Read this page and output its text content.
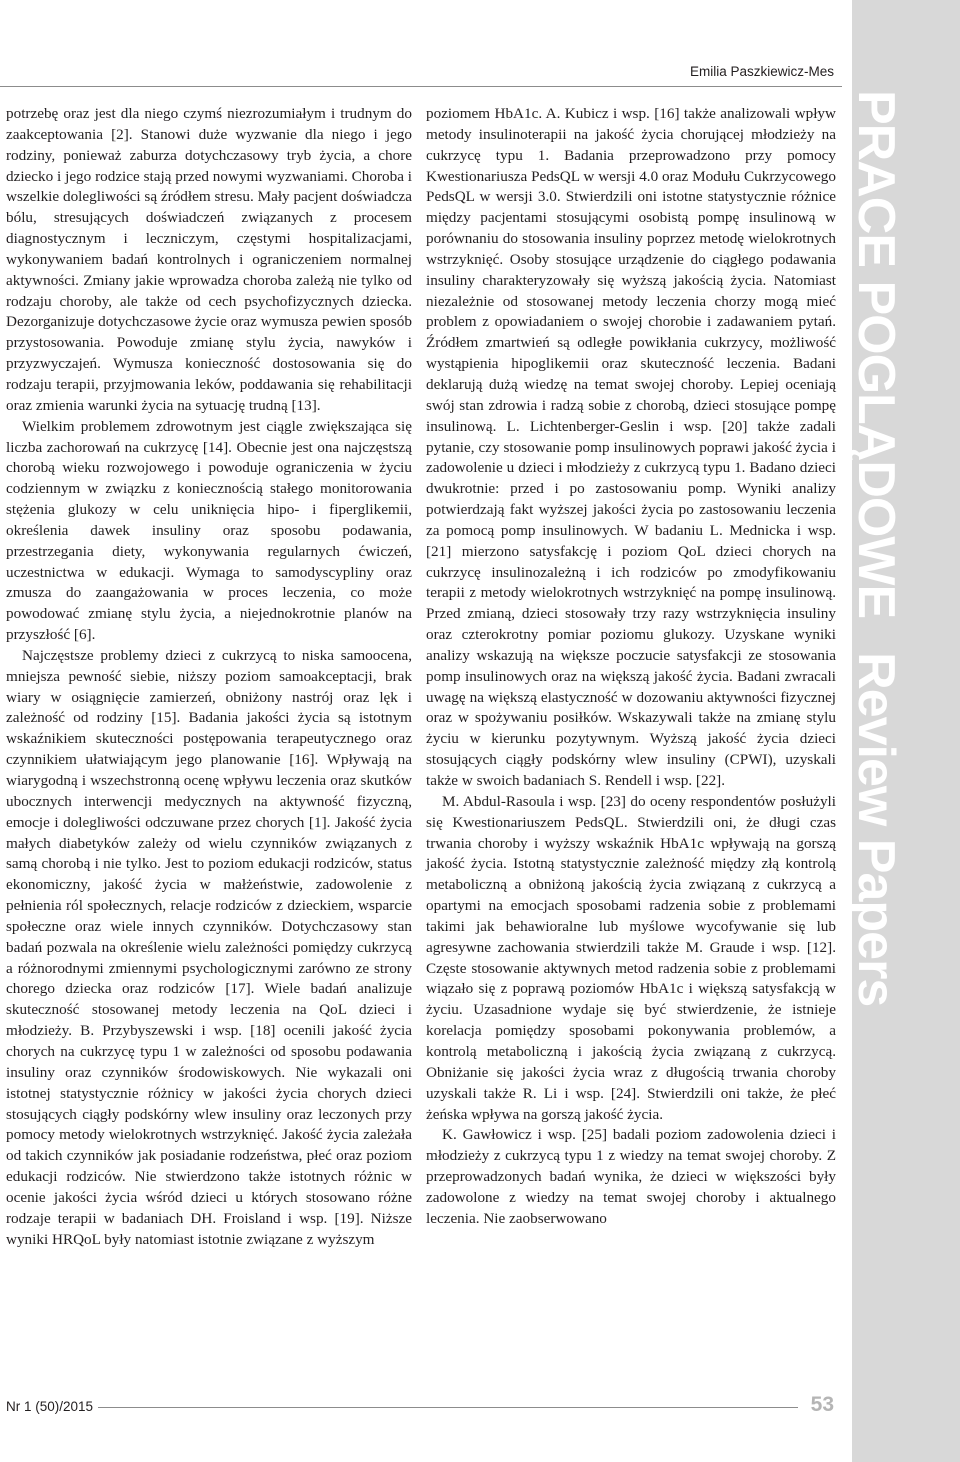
Emilia Paszkiewicz-Mes

potrzebę oraz jest dla niego czymś niezrozumiałym i trudnym do zaakceptowania [2]. Stanowi duże wyzwanie dla niego i jego rodziny, ponieważ zaburza dotychczasowy tryb życia, a chore dziecko i jego rodzice stają przed nowymi wyzwaniami. Choroba i wszelkie dolegliwości są źródłem stresu. Mały pacjent doświadcza bólu, stresujących doświadczeń związanych z procesem diagnostycznym i leczniczym, częstymi hospitalizacjami, wykonywaniem badań kontrolnych i ograniczeniem normalnej aktywności. Zmiany jakie wprowadza choroba zależą nie tylko od rodzaju choroby, ale także od cech psychofizycznych dziecka. Dezorganizuje dotychczasowe życie oraz wymusza pewien sposób przystosowania. Powoduje zmianę stylu życia, nawyków i przyzwyczajeń. Wymusza konieczność dostosowania się do rodzaju terapii, przyjmowania leków, poddawania się rehabilitacji oraz zmienia warunki życia na sytuację trudną [13].

Wielkim problemem zdrowotnym jest ciągle zwiększająca się liczba zachorowań na cukrzycę [14]. Obecnie jest ona najczęstszą chorobą wieku rozwojowego i powoduje ograniczenia w życiu codziennym w związku z koniecznością stałego monitorowania stężenia glukozy w celu uniknięcia hipo- i fiperglikemii, określenia dawek insuliny oraz sposobu podawania, przestrzegania diety, wykonywania regularnych ćwiczeń, uczestnictwa w edukacji. Wymaga to samodyscypliny oraz zmusza do zaangażowania w proces leczenia, co może powodować zmianę stylu życia, a niejednokrotnie planów na przyszłość [6].

Najczęstsze problemy dzieci z cukrzycą to niska samoocena, mniejsza pewność siebie, niższy poziom samoakceptacji, brak wiary w osiągnięcie zamierzeń, obniżony nastrój oraz lęk i zależność od rodziny [15]. Badania jakości życia są istotnym wskaźnikiem skuteczności postępowania terapeutycznego oraz czynnikiem ułatwiającym jego planowanie [16]. Wpływają na wiarygodną i wszechstronną ocenę wpływu leczenia oraz skutków ubocznych interwencji medycznych na aktywność fizyczną, emocje i dolegliwości odczuwane przez chorych [1]. Jakość życia małych diabetyków zależy od wielu czynników związanych z samą chorobą i nie tylko. Jest to poziom edukacji rodziców, status ekonomiczny, jakość życia w małżeństwie, zadowolenie z pełnienia ról społecznych, relacje rodziców z dzieckiem, wsparcie społeczne oraz wiele innych czynników. Dotychczasowy stan badań pozwala na określenie wielu zależności pomiędzy cukrzycą a różnorodnymi zmiennymi psychologicznymi zarówno ze strony chorego dziecka oraz rodziców [17]. Wiele badań analizuje skuteczność stosowanej metody leczenia na QoL dzieci i młodzieży. B. Przybyszewski i wsp. [18] ocenili jakość życia chorych na cukrzycę typu 1 w zależności od sposobu podawania insuliny oraz czynników środowiskowych. Nie wykazali oni istotnej statystycznie różnicy w jakości życia chorych dzieci stosujących ciągły podskórny wlew insuliny oraz leczonych przy pomocy metody wielokrotnych wstrzyknięć. Jakość życia zależała od takich czynników jak posiadanie rodzeństwa, płeć oraz poziom edukacji rodziców. Nie stwierdzono także istotnych różnic w ocenie jakości życia wśród dzieci u których stosowano różne rodzaje terapii w badaniach DH. Froisland i wsp. [19]. Niższe wyniki HRQoL były natomiast istotnie związane z wyższym

poziomem HbA1c. A. Kubicz i wsp. [16] także analizowali wpływ metody insulinoterapii na jakość życia chorującej młodzieży na cukrzycę typu 1. Badania przeprowadzono przy pomocy Kwestionariusza PedsQL w wersji 4.0 oraz Modułu Cukrzycowego PedsQL w wersji 3.0. Stwierdzili oni istotne statystycznie różnice między pacjentami stosującymi osobistą pompę insulinową w porównaniu do stosowania insuliny poprzez metodę wielokrotnych wstrzyknięć. Osoby stosujące urządzenie do ciągłego podawania insuliny charakteryzowały się wyższą jakością życia. Natomiast niezależnie od stosowanej metody leczenia chorzy mogą mieć problem z opowiadaniem o swojej chorobie i zadawaniem pytań. Źródłem zmartwień są odległe powikłania cukrzycy, możliwość wystąpienia hipoglikemii oraz skuteczność leczenia. Badani deklarują dużą wiedzę na temat swojej choroby. Lepiej oceniają swój stan zdrowia i radzą sobie z chorobą, dzieci stosujące pompę insulinową. L. Lichtenberger-Geslin i wsp. [20] także zadali pytanie, czy stosowanie pomp insulinowych poprawi jakość życia i zadowolenie u dzieci i młodzieży z cukrzycą typu 1. Badano dzieci dwukrotnie: przed i po zastosowaniu pomp. Wyniki analizy potwierdzają fakt wyższej jakości życia po zastosowaniu leczenia za pomocą pomp insulinowych. W badaniu L. Mednicka i wsp. [21] mierzono satysfakcję i poziom QoL dzieci chorych na cukrzycę insulinozależną i ich rodziców po zmodyfikowaniu terapii z metody wielokrotnych wstrzyknięć na pompę insulinową. Przed zmianą, dzieci stosowały trzy razy wstrzyknięcia insuliny oraz czterokrotny pomiar poziomu glukozy. Uzyskane wyniki analizy wskazują na większe poczucie satysfakcji ze stosowania pomp insulinowych oraz na większą jakość życia. Badani zwracali uwagę na większą elastyczność w dozowaniu aktywności fizycznej oraz w spożywaniu posiłków. Wskazywali także na zmianę stylu życiu w kierunku pozytywnym. Wyższą jakość życia dzieci stosujących ciągły podskórny wlew insuliny (CPWI), uzyskali także w swoich badaniach S. Rendell i wsp. [22].

M. Abdul-Rasoula i wsp. [23] do oceny respondentów posłużyli się Kwestionariuszem PedsQL. Stwierdzili oni, że długi czas trwania choroby i wyższy wskaźnik HbA1c wpływają na gorszą jakość życia. Istotną statystycznie zależność między złą kontrolą metaboliczną a obniżoną jakością życia związaną z cukrzycą a opartymi na emocjach sposobami radzenia sobie z problemami takimi jak behawioralne lub myślowe wycofywanie się lub agresywne zachowania stwierdzili także M. Graude i wsp. [12]. Częste stosowanie aktywnych metod radzenia sobie z problemami wiązało się z poprawą poziomów HbA1c i większą satysfakcją w życiu. Uzasadnione wydaje się być stwierdzenie, że istnieje korelacja pomiędzy sposobami pokonywania problemów, a kontrolą metaboliczną i jakością życia związaną z cukrzycą. Obniżanie się jakości życia wraz z długością trwania choroby uzyskali także R. Li i wsp. [24]. Stwierdzili oni także, że płeć żeńska wpływa na gorszą jakość życia.

K. Gawłowicz i wsp. [25] badali poziom zadowolenia dzieci i młodzieży z cukrzycą typu 1 z wiedzy na temat swojej choroby. Z przeprowadzonych badań wynika, że dzieci w większości były zadowolone z wiedzy na temat swojej choroby i aktualnego leczenia. Nie zaobserwowano

PRACE POGLĄDOWEReview Papers
Nr 1 (50)/2015	53
